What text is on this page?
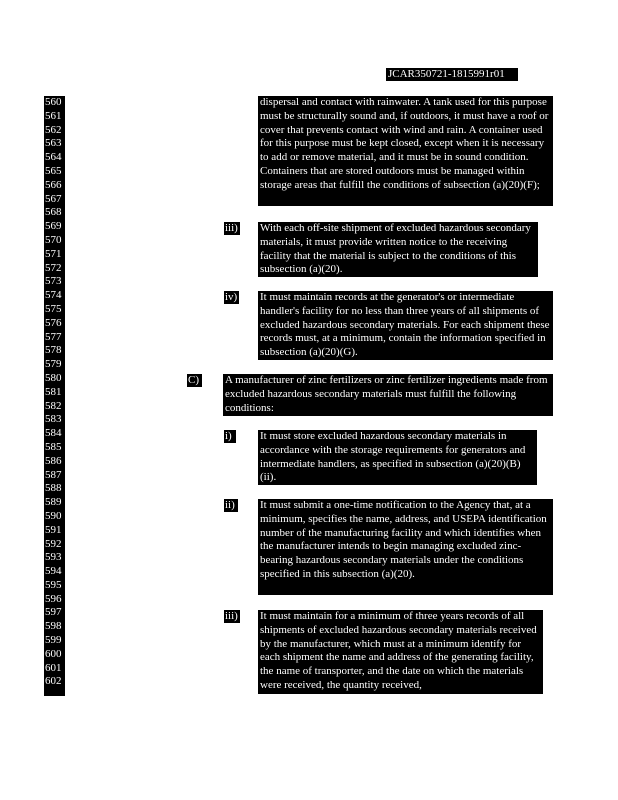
JCAR350721-1815991r01
560
561
562
563
564
565
566
567
568
569
570
571
572
573
574
575
576
577
578
579
580
581
582
583
584
585
586
587
588
589
590
591
592
593
594
595
596
597
598
599
600
601
602
dispersal and contact with rainwater. A tank used for this purpose must be structurally sound and, if outdoors, it must have a roof or cover that prevents contact with wind and rain. A container used for this purpose must be kept closed, except when it is necessary to add or remove material, and it must be in sound condition. Containers that are stored outdoors must be managed within storage areas that fulfill the conditions of subsection (a)(20)(F);
iii) With each off-site shipment of excluded hazardous secondary materials, it must provide written notice to the receiving facility that the material is subject to the conditions of this subsection (a)(20).
iv) It must maintain records at the generator's or intermediate handler's facility for no less than three years of all shipments of excluded hazardous secondary materials. For each shipment these records must, at a minimum, contain the information specified in subsection (a)(20)(G).
C) A manufacturer of zinc fertilizers or zinc fertilizer ingredients made from excluded hazardous secondary materials must fulfill the following conditions:
i)	It must store excluded hazardous secondary materials in accordance with the storage requirements for generators and intermediate handlers, as specified in subsection (a)(20)(B)(ii).
ii) It must submit a one-time notification to the Agency that, at a minimum, specifies the name, address, and USEPA identification number of the manufacturing facility and which identifies when the manufacturer intends to begin managing excluded zinc-bearing hazardous secondary materials under the conditions specified in this subsection (a)(20).
iii) It must maintain for a minimum of three years records of all shipments of excluded hazardous secondary materials received by the manufacturer, which must at a minimum identify for each shipment the name and address of the generating facility, the name of transporter, and the date on which the materials were received, the quantity received,
